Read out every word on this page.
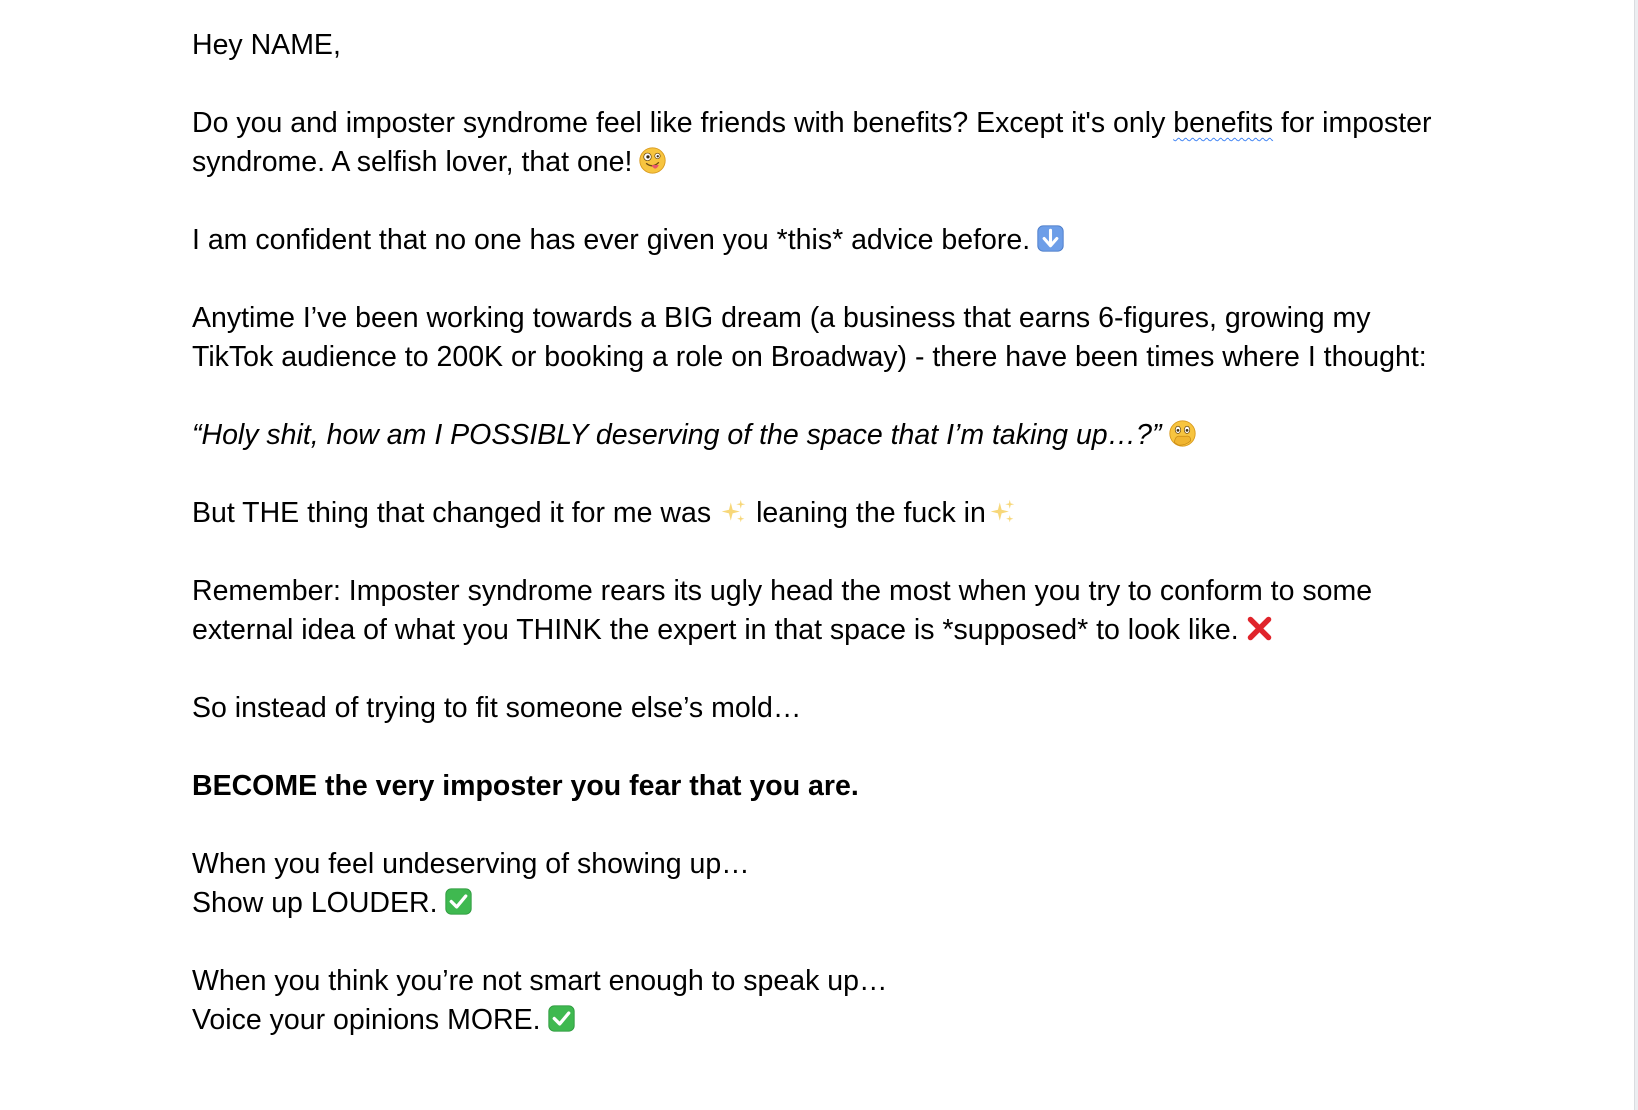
Hey NAME,

Do you and imposter syndrome feel like friends with benefits? Except it's only benefits for imposter syndrome. A selfish lover, that one!

I am confident that no one has ever given you *this* advice before.

Anytime I’ve been working towards a BIG dream (a business that earns 6-figures, growing my TikTok audience to 200K or booking a role on Broadway) - there have been times where I thought:

“Holy shit, how am I POSSIBLY deserving of the space that I’m taking up…?”

But THE thing that changed it for me was leaning the fuck in

Remember: Imposter syndrome rears its ugly head the most when you try to conform to some external idea of what you THINK the expert in that space is *supposed* to look like.

So instead of trying to fit someone else’s mold…

BECOME the very imposter you fear that you are.

When you feel undeserving of showing up…
Show up LOUDER.

When you think you’re not smart enough to speak up…
Voice your opinions MORE.
